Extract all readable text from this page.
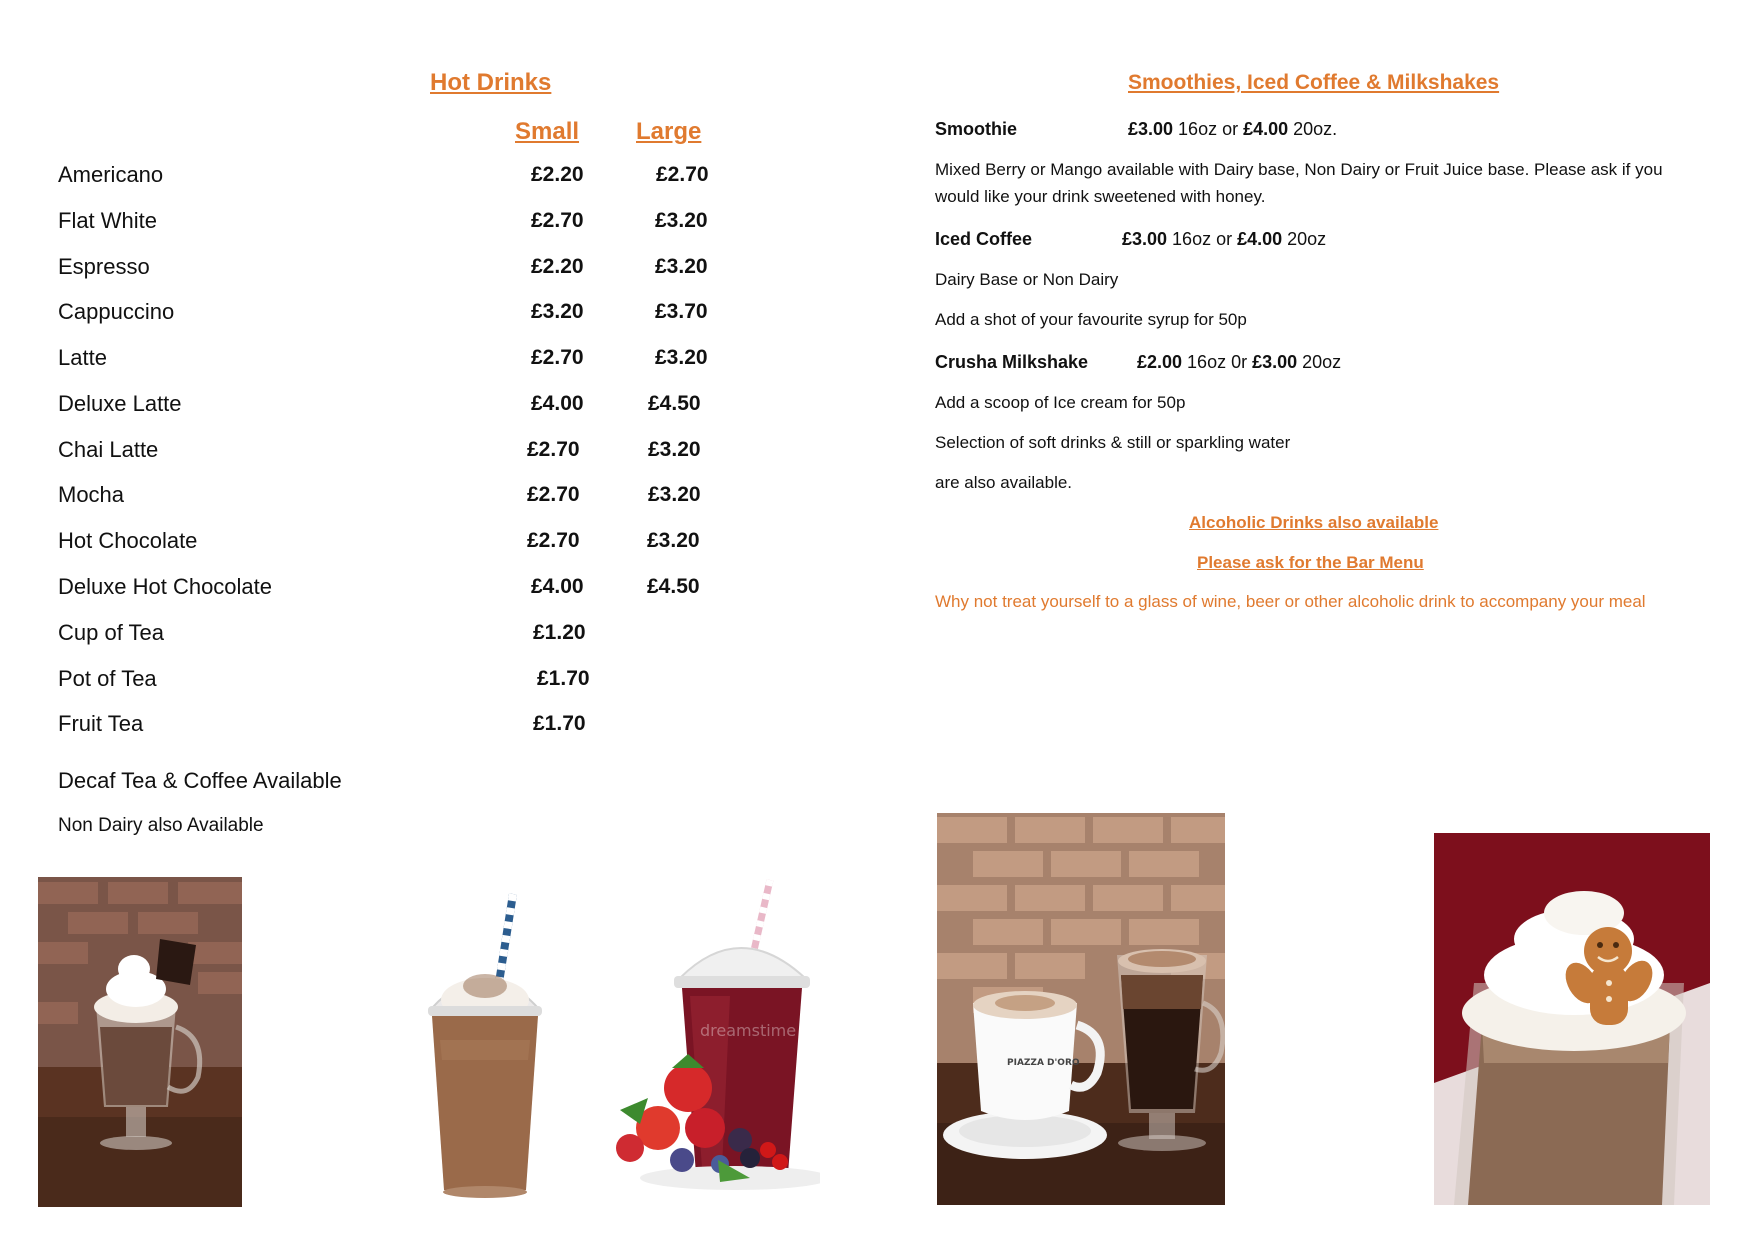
Hot Drinks
Small Large
Americano	£2.20	£2.70
Flat White	£2.70	£3.20
Espresso	£2.20	£3.20
Cappuccino	£3.20	£3.70
Latte	£2.70	£3.20
Deluxe Latte	£4.00	£4.50
Chai Latte	£2.70	£3.20
Mocha	£2.70	£3.20
Hot Chocolate	£2.70	£3.20
Deluxe Hot Chocolate	£4.00	£4.50
Cup of Tea	£1.20
Pot of Tea	£1.70
Fruit Tea	£1.70
Decaf Tea & Coffee Available
Non Dairy also Available
Smoothies, Iced Coffee & Milkshakes
Smoothie	£3.00 16oz or £4.00 20oz.
Mixed Berry or Mango available with Dairy base, Non Dairy or Fruit Juice base. Please ask if you
would like your drink sweetened with honey.
Iced Coffee	£3.00 16oz or £4.00 20oz
Dairy Base or Non Dairy
Add a shot of your favourite syrup for 50p
Crusha Milkshake	£2.00 16oz 0r £3.00 20oz
Add a scoop of Ice cream for 50p
Selection of soft drinks & still or sparkling water
are also available.
Alcoholic Drinks also available
Please ask for the Bar Menu
Why not treat yourself to a glass of wine, beer or other alcoholic drink to accompany your meal
dreamstime
PIAZZA D'ORO
